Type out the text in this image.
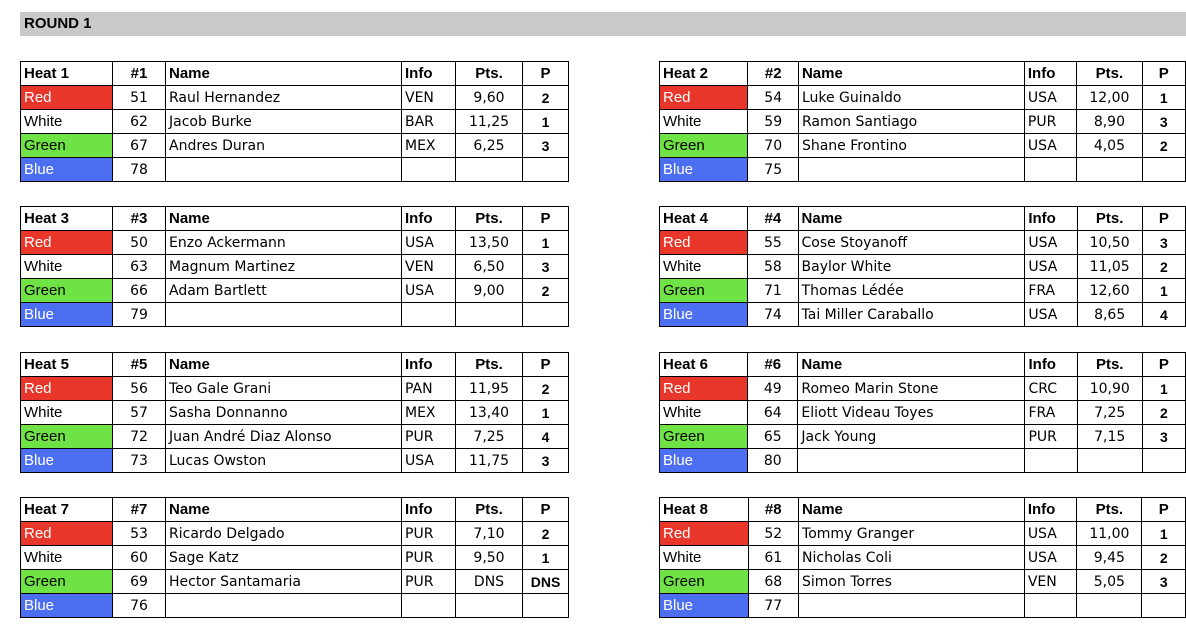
ROUND 1
Heat 1	#1	Name	Info	Pts.	P
Red	51	Raul Hernandez	VEN	9,60	2
White	62	Jacob Burke	BAR	11,25	1
Green	67	Andres Duran	MEX	6,25	3
Blue	78				
Heat 2	#2	Name	Info	Pts.	P
Red	54	Luke Guinaldo	USA	12,00	1
White	59	Ramon Santiago	PUR	8,90	3
Green	70	Shane Frontino	USA	4,05	2
Blue	75				
Heat 3	#3	Name	Info	Pts.	P
Red	50	Enzo Ackermann	USA	13,50	1
White	63	Magnum Martinez	VEN	6,50	3
Green	66	Adam Bartlett	USA	9,00	2
Blue	79				
Heat 4	#4	Name	Info	Pts.	P
Red	55	Cose Stoyanoff	USA	10,50	3
White	58	Baylor White	USA	11,05	2
Green	71	Thomas Lédée	FRA	12,60	1
Blue	74	Tai Miller Caraballo	USA	8,65	4
Heat 5	#5	Name	Info	Pts.	P
Red	56	Teo Gale Grani	PAN	11,95	2
White	57	Sasha Donnanno	MEX	13,40	1
Green	72	Juan André Diaz Alonso	PUR	7,25	4
Blue	73	Lucas Owston	USA	11,75	3
Heat 6	#6	Name	Info	Pts.	P
Red	49	Romeo Marin Stone	CRC	10,90	1
White	64	Eliott Videau Toyes	FRA	7,25	2
Green	65	Jack Young	PUR	7,15	3
Blue	80				
Heat 7	#7	Name	Info	Pts.	P
Red	53	Ricardo Delgado	PUR	7,10	2
White	60	Sage Katz	PUR	9,50	1
Green	69	Hector Santamaria	PUR	DNS	DNS
Blue	76				
Heat 8	#8	Name	Info	Pts.	P
Red	52	Tommy Granger	USA	11,00	1
White	61	Nicholas Coli	USA	9,45	2
Green	68	Simon Torres	VEN	5,05	3
Blue	77				
